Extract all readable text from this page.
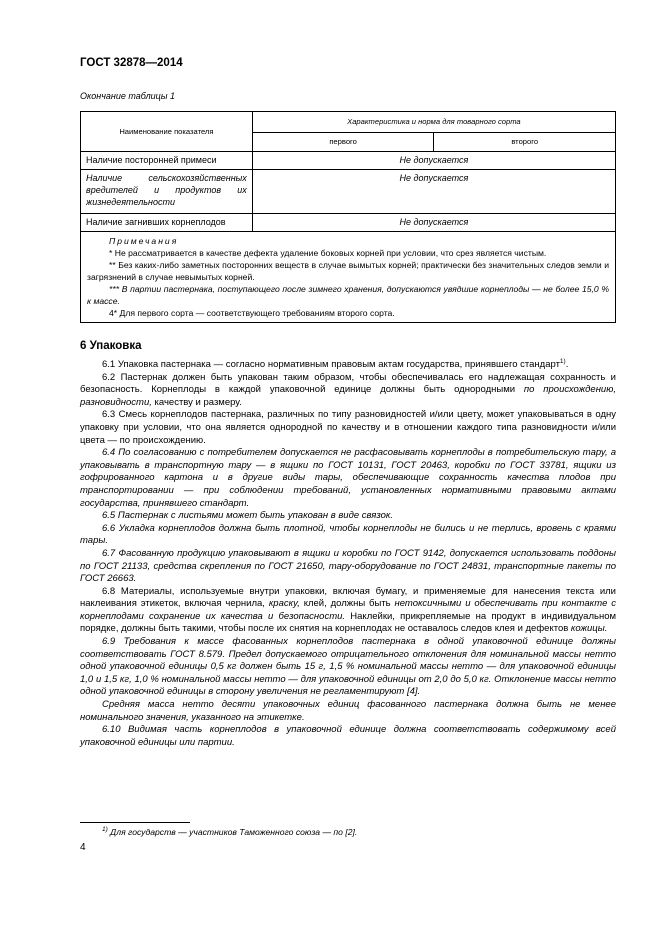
ГОСТ 32878—2014
Окончание таблицы 1
Наименование показателя	Характеристика и норма для товарного сорта	
	первого	второго
Наличие посторонней примеси	Не допускается	
Наличие сельскохозяйственных вредителей и продуктов их жизнедеятельности	Не допускается	
Наличие загнивших корнеплодов	Не допускается	

Примечания

* Не рассматривается в качестве дефекта удаление боковых корней при условии, что срез является чистым.

** Без каких-либо заметных посторонних веществ в случае вымытых корней; практически без значительных следов земли и загрязнений в случае невымытых корней.

*** В партии пастернака, поступающего после зимнего хранения, допускаются увядшие корнеплоды — не более 15,0 % к массе.

4* Для первого сорта — соответствующего требованиям второго сорта.		

6 Упаковка

6.1 Упаковка пастернака — согласно нормативным правовым актам государства, принявшего стандарт$^{1)}$.

6.2 Пастернак должен быть упакован таким образом, чтобы обеспечивалась его надлежащая сохранность и безопасность. Корнеплоды в каждой упаковочной единице должны быть однородными по происхождению, разновидности, качеству и размеру.

6.3 Смесь корнеплодов пастернака, различных по типу разновидностей и/или цвету, может упаковываться в одну упаковку при условии, что она является однородной по качеству и в отношении каждого типа разновидности и/или цвета — по происхождению.

6.4 По согласованию с потребителем допускается не расфасовывать корнеплоды в потребительскую тару, а упаковывать в транспортную тару — в ящики по ГОСТ 10131, ГОСТ 20463, коробки по ГОСТ 33781, ящики из гофрированного картона и в другие виды тары, обеспечивающие сохранность качества плодов при транспортировании — при соблюдении требований, установленных нормативными правовыми актами государства, принявшего стандарт.

6.5 Пастернак с листьями может быть упакован в виде связок.

6.6 Укладка корнеплодов должна быть плотной, чтобы корнеплоды не бились и не терлись, вровень с краями тары.

6.7 Фасованную продукцию упаковывают в ящики и коробки по ГОСТ 9142, допускается использовать поддоны по ГОСТ 21133, средства скрепления по ГОСТ 21650, тару-оборудование по ГОСТ 24831, транспортные пакеты по ГОСТ 26663.

6.8 Материалы, используемые внутри упаковки, включая бумагу, и применяемые для нанесения текста или наклеивания этикеток, включая чернила, краску, клей, должны быть нетоксичными и обеспечивать при контакте с корнеплодами сохранение их качества и безопасности. Наклейки, прикрепляемые на продукт в индивидуальном порядке, должны быть такими, чтобы после их снятия на корнеплодах не оставалось следов клея и дефектов кожицы.

6.9 Требования к массе фасованных корнеплодов пастернака в одной упаковочной единице должны соответствовать ГОСТ 8.579. Предел допускаемого отрицательного отклонения для номинальной массы нетто одной упаковочной единицы 0,5 кг должен быть 15 г, 1,5 % номинальной массы нетто — для упаковочной единицы 1,0 и 1,5 кг, 1,0 % номинальной массы нетто — для упаковочной единицы от 2,0 до 5,0 кг. Отклонение массы нетто одной упаковочной единицы в сторону увеличения не регламентируют [4].

Средняя масса нетто десяти упаковочных единиц фасованного пастернака должна быть не менее номинального значения, указанного на этикетке.

6.10 Видимая часть корнеплодов в упаковочной единице должна соответствовать содержимому всей упаковочной единицы или партии.

$^{1)}$ Для государств — участников Таможенного союза — по [2].
4
